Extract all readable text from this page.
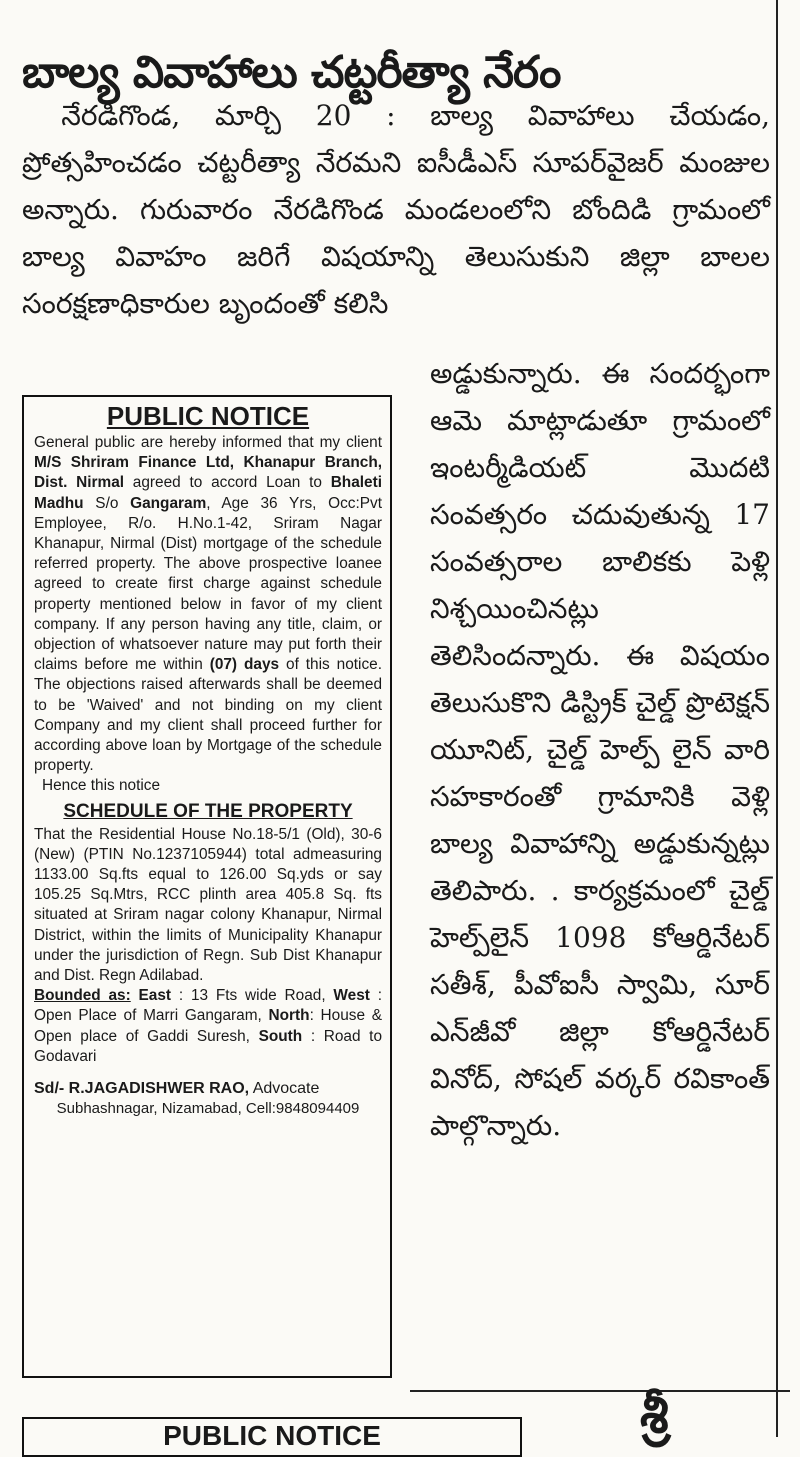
బాల్య వివాహాలు చట్టరీత్యా నేరం

నేరడిగొండ, మార్చి 20 : బాల్య వివాహాలు చేయడం, ప్రోత్సహించడం చట్టరీత్యా నేరమని ఐసీడీఎస్ సూపర్‌వైజర్ మంజుల అన్నారు. గురువారం నేరడిగొండ మండలంలోని బోందిడి గ్రామంలో బాల్య వివాహం జరిగే విషయాన్ని తెలుసుకుని జిల్లా బాలల సంరక్షణాధికారుల బృందంతో కలిసి

అడ్డుకున్నారు. ఈ సందర్భంగా ఆమె మాట్లాడుతూ గ్రామంలో ఇంటర్మీడియట్ మొదటి సంవత్సరం చదువుతున్న 17 సంవత్సరాల బాలికకు పెళ్లి నిశ్చయించినట్లు తెలిసిందన్నారు. ఈ విషయం తెలుసుకొని డిస్ట్రిక్ చైల్డ్ ప్రొటెక్షన్ యూనిట్, చైల్డ్ హెల్ప్ లైన్ వారి సహకారంతో గ్రామానికి వెళ్లి బాల్య వివాహాన్ని అడ్డుకున్నట్లు తెలిపారు. . కార్యక్రమంలో చైల్డ్ హెల్ప్‌లైన్ 1098 కోఆర్డినేటర్ సతీశ్, పీవోఐసీ స్వామి, సూర్ ఎన్‌జీవో జిల్లా కోఆర్డినేటర్ వినోద్, సోషల్ వర్కర్ రవికాంత్ పాల్గొన్నారు.

PUBLIC NOTICE

General public are hereby informed that my client M/S Shriram Finance Ltd, Khanapur Branch, Dist. Nirmal agreed to accord Loan to Bhaleti Madhu S/o Gangaram, Age 36 Yrs, Occ:Pvt Employee, R/o. H.No.1-42, Sriram Nagar Khanapur, Nirmal (Dist) mortgage of the schedule referred property. The above prospective loanee agreed to create first charge against schedule property mentioned below in favor of my client company. If any person having any title, claim, or objection of whatsoever nature may put forth their claims before me within (07) days of this notice. The objections raised afterwards shall be deemed to be 'Waived' and not binding on my client Company and my client shall proceed further for according above loan by Mortgage of the schedule property.

Hence this notice

SCHEDULE OF THE PROPERTY

That the Residential House No.18-5/1 (Old), 30-6 (New) (PTIN No.1237105944) total admeasuring 1133.00 Sq.fts equal to 126.00 Sq.yds or say 105.25 Sq.Mtrs, RCC plinth area 405.8 Sq. fts situated at Sriram nagar colony Khanapur, Nirmal District, within the limits of Municipality Khanapur under the jurisdiction of Regn. Sub Dist Khanapur and Dist. Regn Adilabad.

Bounded as: East : 13 Fts wide Road, West : Open Place of Marri Gangaram, North: House & Open place of Gaddi Suresh, South : Road to Godavari

Sd/- R.JAGADISHWER RAO, Advocate

Subhashnagar, Nizamabad, Cell:9848094409

PUBLIC NOTICE	శ్రీ
